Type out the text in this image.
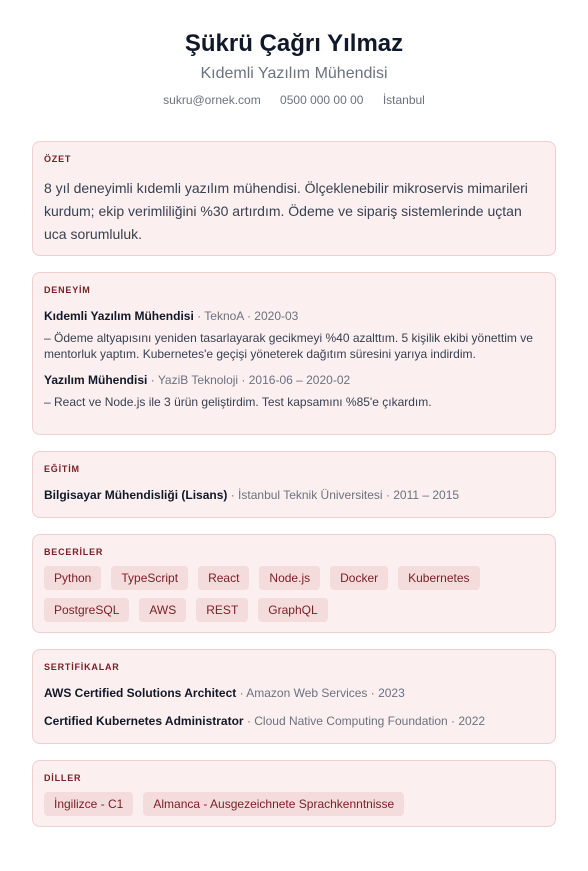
Şükrü Çağrı Yılmaz
Kıdemli Yazılım Mühendisi
sukru@ornek.com 0500 000 00 00 İstanbul
ÖZET
8 yıl deneyimli kıdemli yazılım mühendisi. Ölçeklenebilir mikroservis mimarileri kurdum; ekip verimliliğini %30 artırdım. Ödeme ve sipariş sistemlerinde uçtan uca sorumluluk.
DENEYİM
Kıdemli Yazılım Mühendisi · TeknoA · 2020-03
– Ödeme altyapısını yeniden tasarlayarak gecikmeyi %40 azalttım. 5 kişilik ekibi yönettim ve mentorluk yaptım. Kubernetes'e geçişi yöneterek dağıtım süresini yarıya indirdim.
Yazılım Mühendisi · YaziB Teknoloji · 2016-06 – 2020-02
– React ve Node.js ile 3 ürün geliştirdim. Test kapsamını %85'e çıkardım.
EĞİTİM
Bilgisayar Mühendisliği (Lisans) · İstanbul Teknik Üniversitesi · 2011 – 2015
BECERİLER
Python	TypeScript	React	Node.js	Docker	Kubernetes
PostgreSQL	AWS	REST	GraphQL
SERTİFİKALAR
AWS Certified Solutions Architect · Amazon Web Services · 2023
Certified Kubernetes Administrator · Cloud Native Computing Foundation · 2022
DİLLER
İngilizce - C1	Almanca - Ausgezeichnete Sprachkenntnisse
